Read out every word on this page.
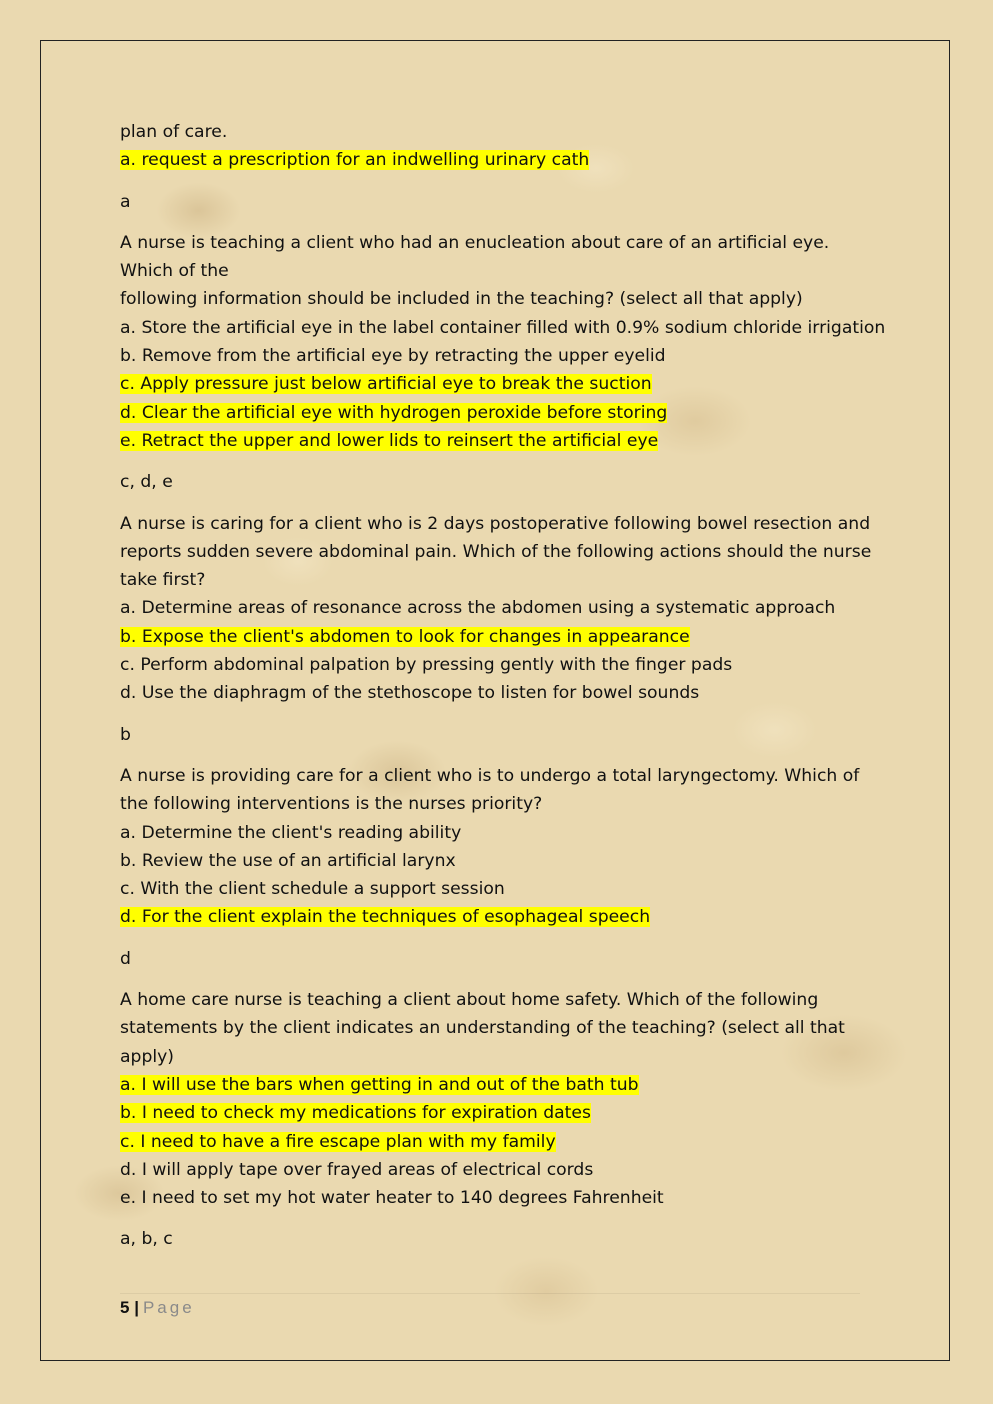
plan of care.
a. request a prescription for an indwelling urinary cath
a
A nurse is teaching a client who had an enucleation about care of an artificial eye.
Which of the
following information should be included in the teaching? (select all that apply)
a. Store the artificial eye in the label container filled with 0.9% sodium chloride irrigation
b. Remove from the artificial eye by retracting the upper eyelid
c. Apply pressure just below artificial eye to break the suction
d. Clear the artificial eye with hydrogen peroxide before storing
e. Retract the upper and lower lids to reinsert the artificial eye
c, d, e
A nurse is caring for a client who is 2 days postoperative following bowel resection and
reports sudden severe abdominal pain. Which of the following actions should the nurse
take first?
a. Determine areas of resonance across the abdomen using a systematic approach
b. Expose the client's abdomen to look for changes in appearance
c. Perform abdominal palpation by pressing gently with the finger pads
d. Use the diaphragm of the stethoscope to listen for bowel sounds
b
A nurse is providing care for a client who is to undergo a total laryngectomy. Which of
the following interventions is the nurses priority?
a. Determine the client's reading ability
b. Review the use of an artificial larynx
c. With the client schedule a support session
d. For the client explain the techniques of esophageal speech
d
A home care nurse is teaching a client about home safety. Which of the following
statements by the client indicates an understanding of the teaching? (select all that
apply)
a. I will use the bars when getting in and out of the bath tub
b. I need to check my medications for expiration dates
c. I need to have a fire escape plan with my family
d. I will apply tape over frayed areas of electrical cords
e. I need to set my hot water heater to 140 degrees Fahrenheit
a, b, c
5 | Page
